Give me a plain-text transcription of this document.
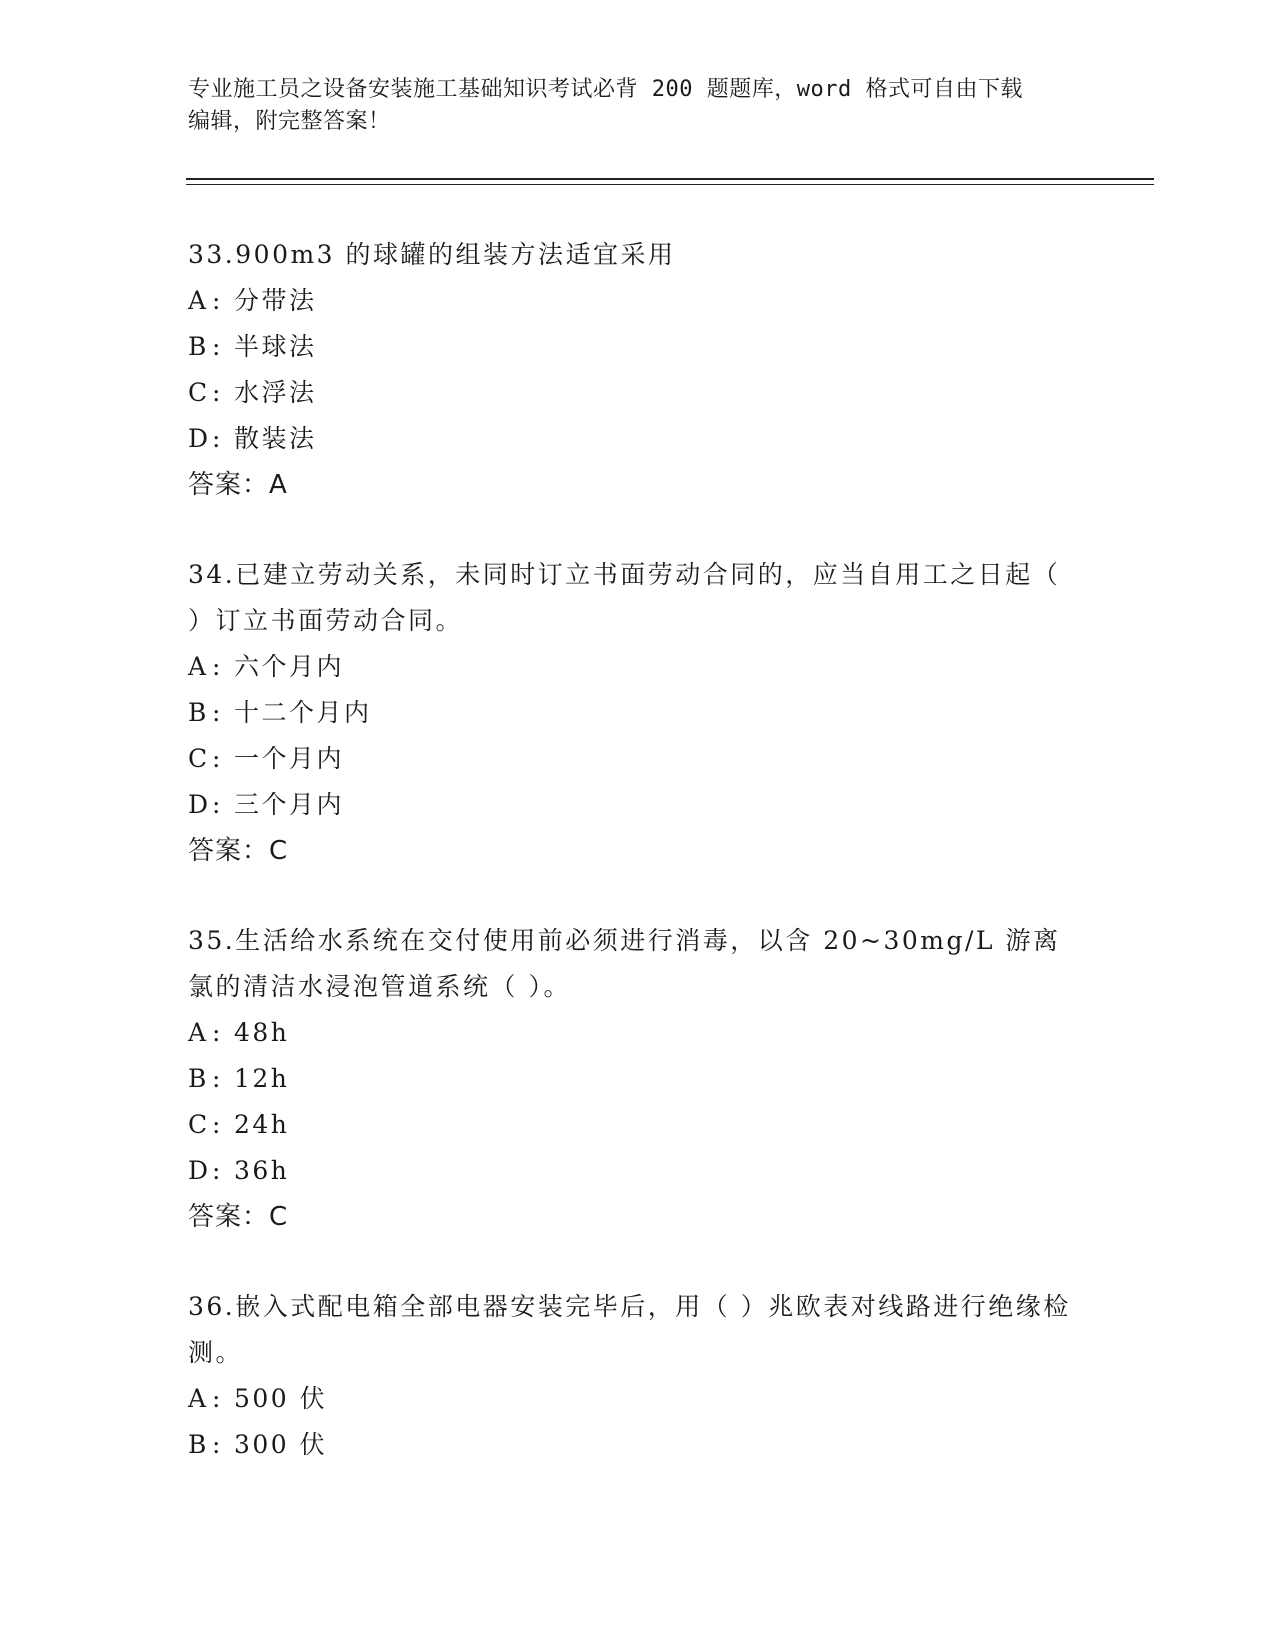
专业施工员之设备安装施工基础知识考试必背 200 题题库，word 格式可自由下载
编辑，附完整答案！
33.900m3 的球罐的组装方法适宜采用
A : 分带法
B : 半球法
C: 水浮法
D: 散装法
答案：A
34.已建立劳动关系，未同时订立书面劳动合同的，应当自用工之日起（ ）订立书面劳动合同。
A : 六个月内
B : 十二个月内
C: 一个月内
D: 三个月内
答案：C
35.生活给水系统在交付使用前必须进行消毒，以含 20~30mg/L 游离氯的清洁水浸泡管道系统（ ）。
A : 48h
B : 12h
C: 24h
D: 36h
答案：C
36.嵌入式配电箱全部电器安装完毕后，用（ ）兆欧表对线路进行绝缘检测。
A : 500 伏
B : 300 伏
